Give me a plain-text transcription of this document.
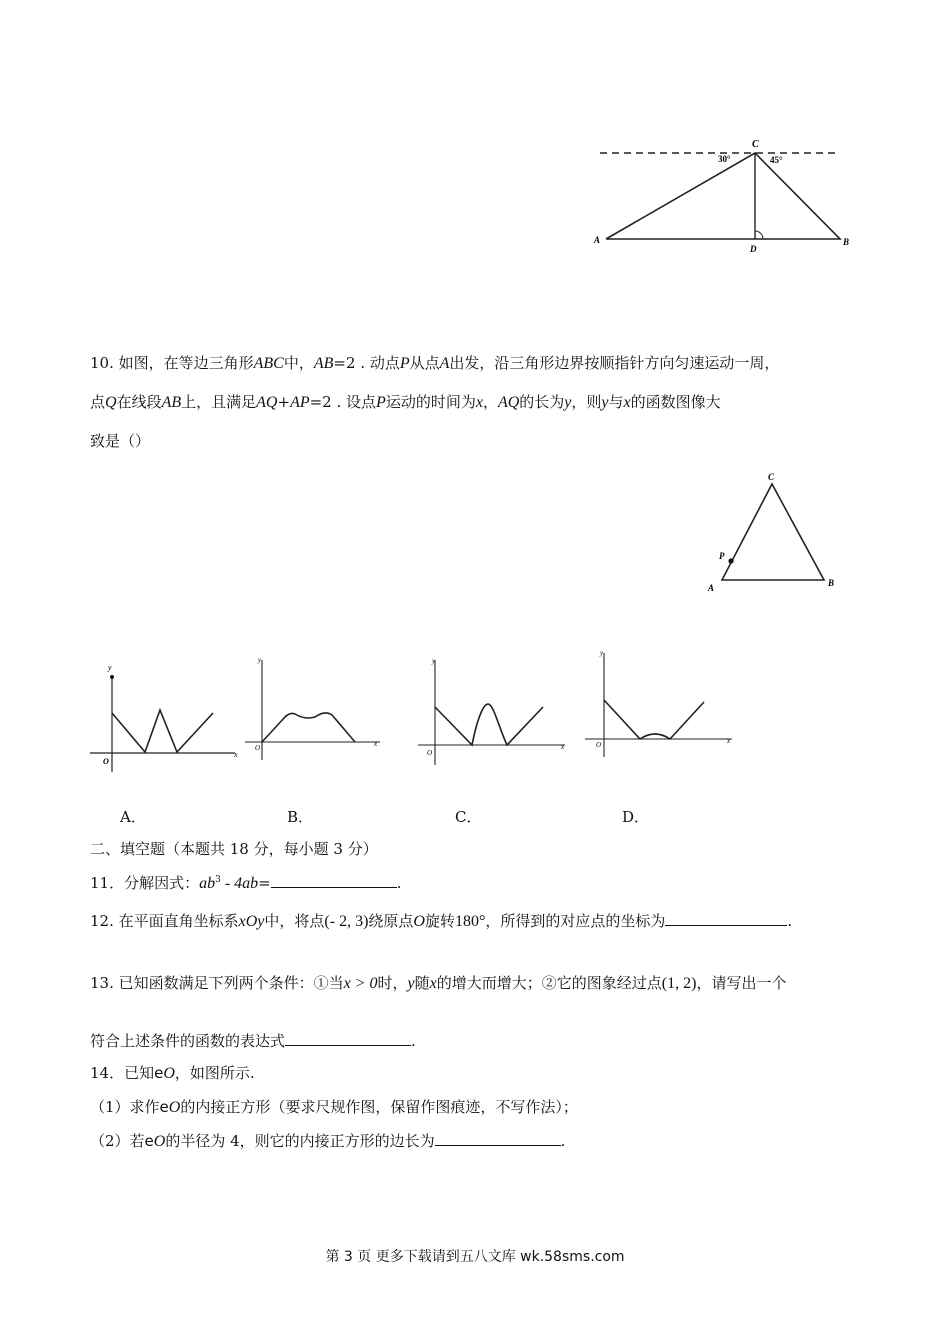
C
A	B
D
30°	45°
10. 如图，在等边三角形ABC中，AB=2 . 动点P从点A出发，沿三角形边界按顺指针方向匀速运动一周，
点Q在线段AB上，且满足AQ+AP=2 . 设点P运动的时间为x，AQ的长为y，则y与x的函数图像大
致是（）
C
P
A	B
y
x
O
y
x
O
y
x
O
y
x
O
A．	B．	C．	D．
二、填空题（本题共 18 分，每小题 3 分）
11．分解因式：$ab^3 - 4ab=$	.
12. 在平面直角坐标系xOy中，将点(- 2, 3)绕原点O旋转180°，所得到的对应点的坐标为	.
13. 已知函数满足下列两个条件：①当x > 0时，y随x的增大而增大；②它的图象经过点(1, 2)，请写出一个
符合上述条件的函数的表达式	.
14．已知eO，如图所示.
（1）求作eO的内接正方形（要求尺规作图，保留作图痕迹，不写作法）；
（2）若eO的半径为 4，则它的内接正方形的边长为	.
第 3 页 更多下载请到五八文库 wk.58sms.com
